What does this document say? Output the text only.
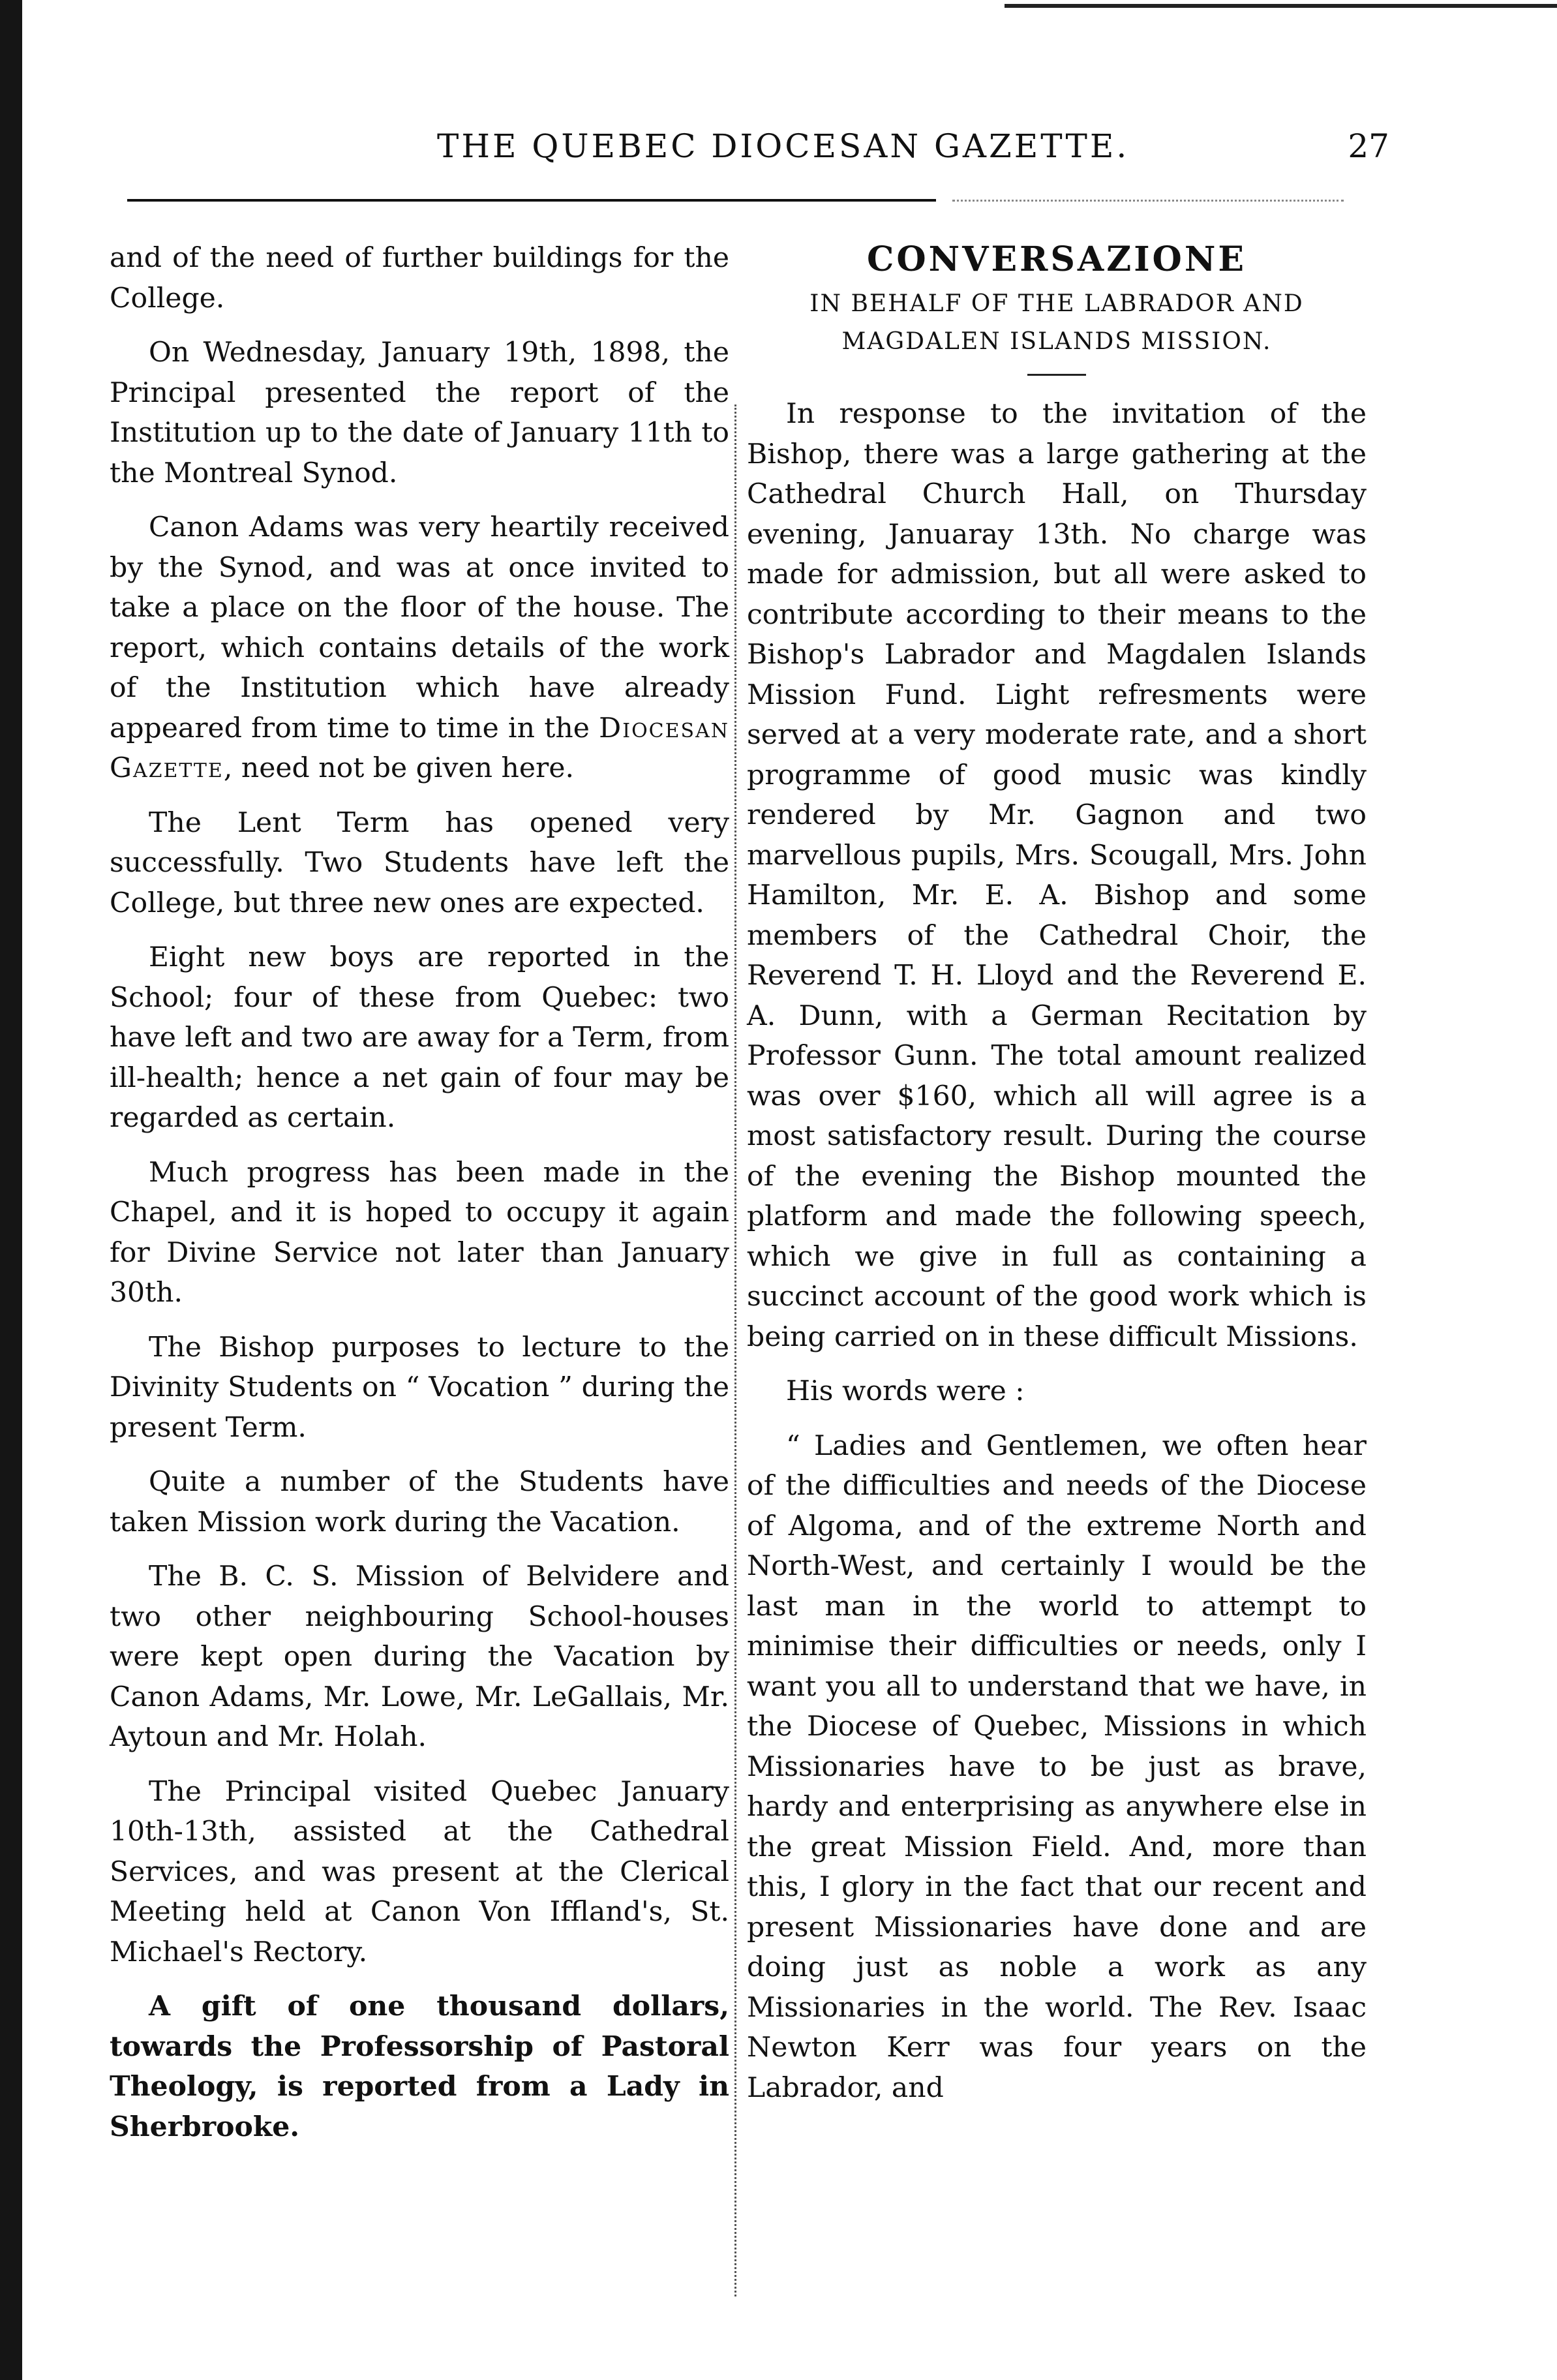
THE QUEBEC DIOCESAN GAZETTE.	27

and of the need of further buildings for the College.

On Wednesday, January 19th, 1898, the Principal presented the report of the Institution up to the date of January 11th to the Montreal Synod.

Canon Adams was very heartily received by the Synod, and was at once invited to take a place on the floor of the house. The report, which contains details of the work of the Institution which have already appeared from time to time in the Diocesan Gazette, need not be given here.

The Lent Term has opened very successfully. Two Students have left the College, but three new ones are expected.

Eight new boys are reported in the School; four of these from Quebec: two have left and two are away for a Term, from ill-health; hence a net gain of four may be regarded as certain.

Much progress has been made in the Chapel, and it is hoped to occupy it again for Divine Service not later than January 30th.

The Bishop purposes to lecture to the Divinity Students on “ Vocation ” during the present Term.

Quite a number of the Students have taken Mission work during the Vacation.

The B. C. S. Mission of Belvidere and two other neighbouring School-houses were kept open during the Vacation by Canon Adams, Mr. Lowe, Mr. LeGallais, Mr. Aytoun and Mr. Holah.

The Principal visited Quebec January 10th-13th, assisted at the Cathedral Services, and was present at the Clerical Meeting held at Canon Von Iffland's, St. Michael's Rectory.

A gift of one thousand dollars, towards the Professorship of Pastoral Theology, is reported from a Lady in Sherbrooke.

CONVERSAZIONE
IN BEHALF OF THE LABRADOR AND
MAGDALEN ISLANDS MISSION.

In response to the invitation of the Bishop, there was a large gathering at the Cathedral Church Hall, on Thursday evening, Januaray 13th. No charge was made for admission, but all were asked to contribute according to their means to the Bishop's Labrador and Magdalen Islands Mission Fund. Light refresments were served at a very moderate rate, and a short programme of good music was kindly rendered by Mr. Gagnon and two marvellous pupils, Mrs. Scougall, Mrs. John Hamilton, Mr. E. A. Bishop and some members of the Cathedral Choir, the Reverend T. H. Lloyd and the Reverend E. A. Dunn, with a German Recitation by Professor Gunn. The total amount realized was over $160, which all will agree is a most satisfactory result. During the course of the evening the Bishop mounted the platform and made the following speech, which we give in full as containing a succinct account of the good work which is being carried on in these difficult Missions.

His words were :

“ Ladies and Gentlemen, we often hear of the difficulties and needs of the Diocese of Algoma, and of the extreme North and North-West, and certainly I would be the last man in the world to attempt to minimise their difficulties or needs, only I want you all to understand that we have, in the Diocese of Quebec, Missions in which Missionaries have to be just as brave, hardy and enterprising as anywhere else in the great Mission Field. And, more than this, I glory in the fact that our recent and present Missionaries have done and are doing just as noble a work as any Missionaries in the world. The Rev. Isaac Newton Kerr was four years on the Labrador, and
